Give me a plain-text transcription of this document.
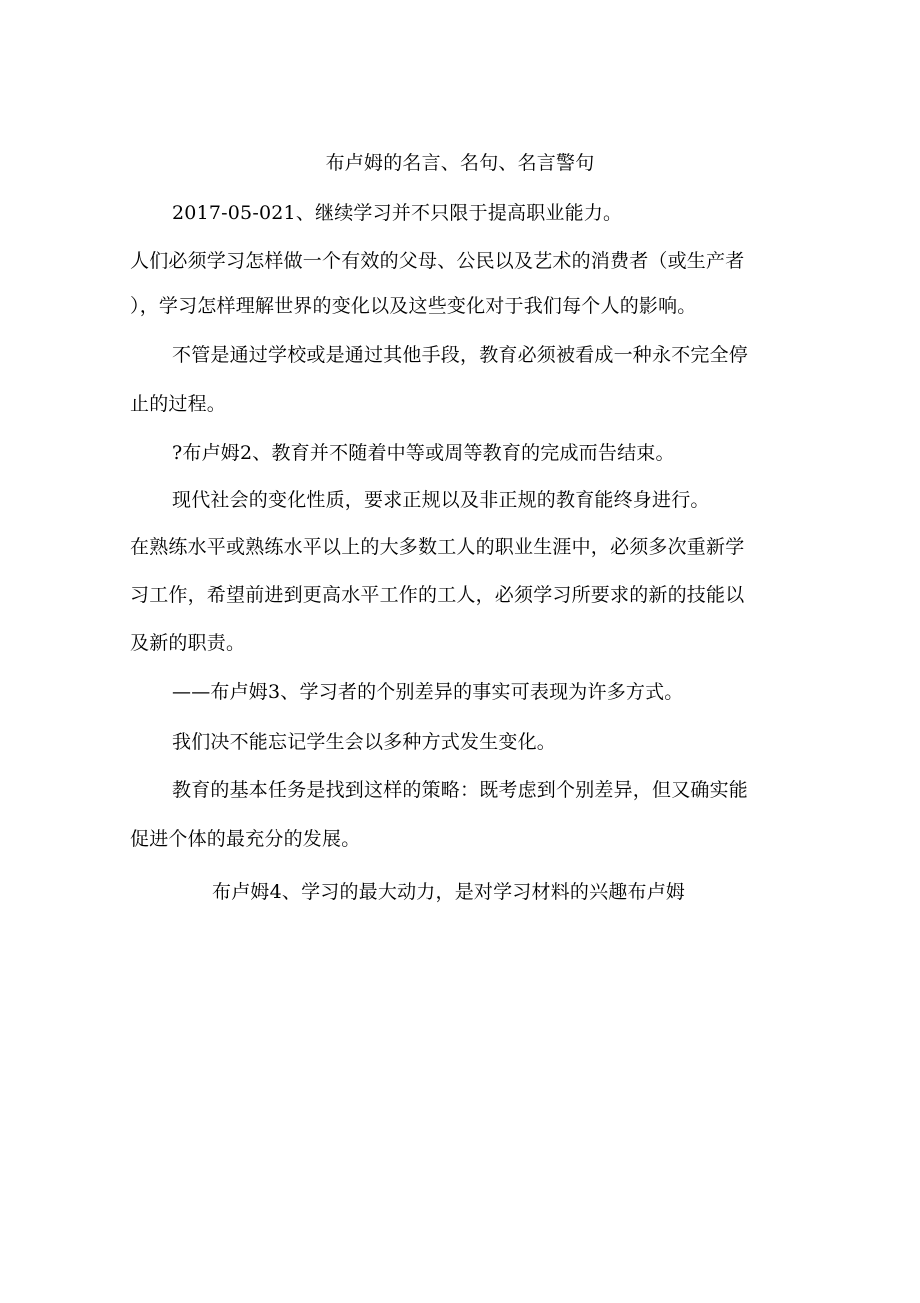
布卢姆的名言、名句、名言警句
2017-05-021、继续学习并不只限于提高职业能力。
人们必须学习怎样做一个有效的父母、公民以及艺术的消费者（或生产者
），学习怎样理解世界的变化以及这些变化对于我们每个人的影响。
不管是通过学校或是通过其他手段，教育必须被看成一种永不完全停
止的过程。
?布卢姆2、教育并不随着中等或周等教育的完成而告结束。
现代社会的变化性质，要求正规以及非正规的教育能终身进行。
在熟练水平或熟练水平以上的大多数工人的职业生涯中，必须多次重新学
习工作，希望前进到更高水平工作的工人，必须学习所要求的新的技能以
及新的职责。
——布卢姆3、学习者的个别差异的事实可表现为许多方式。
我们决不能忘记学生会以多种方式发生变化。
教育的基本任务是找到这样的策略：既考虑到个别差异，但又确实能
促进个体的最充分的发展。
布卢姆4、学习的最大动力，是对学习材料的兴趣布卢姆
